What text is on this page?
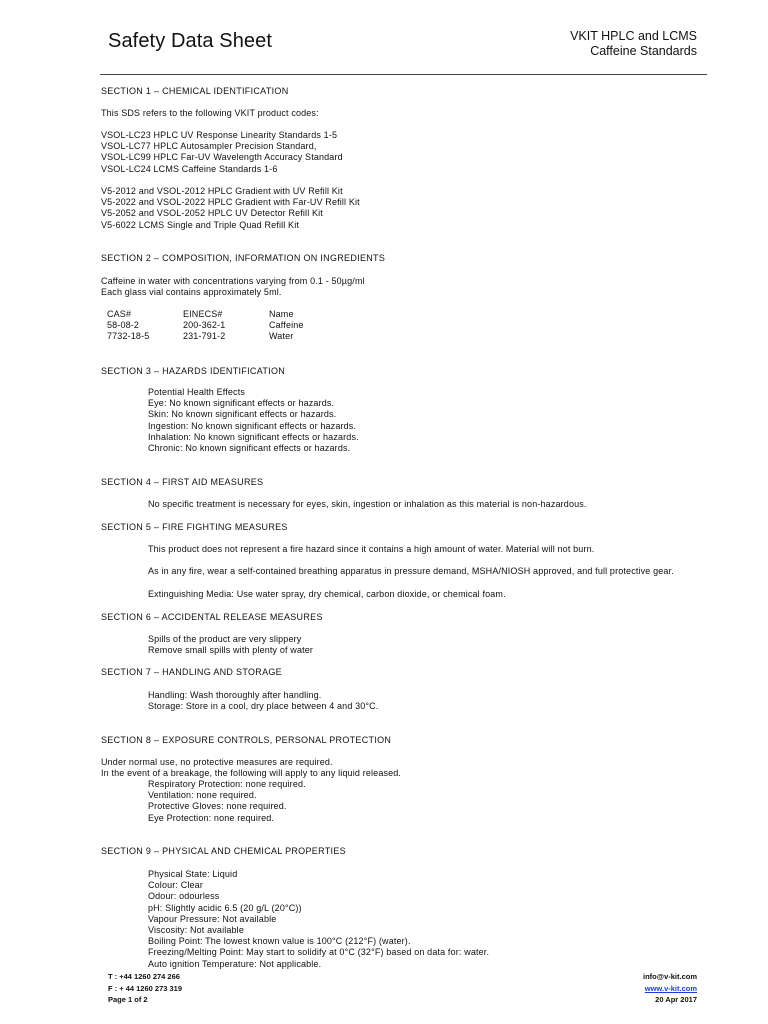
Safety Data Sheet	VKIT HPLC and LCMS
Caffeine Standards
SECTION 1 – CHEMICAL IDENTIFICATION
This SDS refers to the following VKIT product codes:
VSOL-LC23 HPLC UV Response Linearity Standards 1-5
VSOL-LC77 HPLC Autosampler Precision Standard,
VSOL-LC99 HPLC Far-UV Wavelength Accuracy Standard
VSOL-LC24 LCMS Caffeine Standards 1-6
V5-2012 and VSOL-2012 HPLC Gradient with UV Refill Kit
V5-2022 and VSOL-2022 HPLC Gradient with Far-UV Refill Kit
V5-2052 and VSOL-2052 HPLC UV Detector Refill Kit
V5-6022 LCMS Single and Triple Quad Refill Kit
SECTION 2 – COMPOSITION, INFORMATION ON INGREDIENTS
Caffeine in water with concentrations varying from 0.1 - 50µg/ml
Each glass vial contains approximately 5ml.
CAS#	EINECS#	Name
58-08-2	200-362-1	Caffeine
7732-18-5	231-791-2	Water
SECTION 3 – HAZARDS IDENTIFICATION
Potential Health Effects
Eye: No known significant effects or hazards.
Skin: No known significant effects or hazards.
Ingestion: No known significant effects or hazards.
Inhalation: No known significant effects or hazards.
Chronic: No known significant effects or hazards.
SECTION 4 – FIRST AID MEASURES
No specific treatment is necessary for eyes, skin, ingestion or inhalation as this material is non-hazardous.
SECTION 5 – FIRE FIGHTING MEASURES
This product does not represent a fire hazard since it contains a high amount of water. Material will not burn.
As in any fire, wear a self-contained breathing apparatus in pressure demand, MSHA/NIOSH approved, and full protective gear.
Extinguishing Media: Use water spray, dry chemical, carbon dioxide, or chemical foam.
SECTION 6 – ACCIDENTAL RELEASE MEASURES
Spills of the product are very slippery
Remove small spills with plenty of water
SECTION 7 – HANDLING AND STORAGE
Handling: Wash thoroughly after handling.
Storage: Store in a cool, dry place between 4 and 30°C.
SECTION 8 – EXPOSURE CONTROLS, PERSONAL PROTECTION
Under normal use, no protective measures are required.
In the event of a breakage, the following will apply to any liquid released.
Respiratory Protection: none required.
Ventilation: none required.
Protective Gloves: none required.
Eye Protection: none required.
SECTION 9 – PHYSICAL AND CHEMICAL PROPERTIES
Physical State: Liquid
Colour: Clear
Odour: odourless
pH: Slightly acidic 6.5 (20 g/L (20°C))
Vapour Pressure: Not available
Viscosity: Not available
Boiling Point: The lowest known value is 100°C (212°F) (water).
Freezing/Melting Point: May start to solidify at 0°C (32°F) based on data for: water.
Auto ignition Temperature: Not applicable.
T : +44 1260 274 266
F : + 44 1260 273 319
Page 1 of 2
info@v-kit.com
www.v-kit.com
20 Apr 2017
